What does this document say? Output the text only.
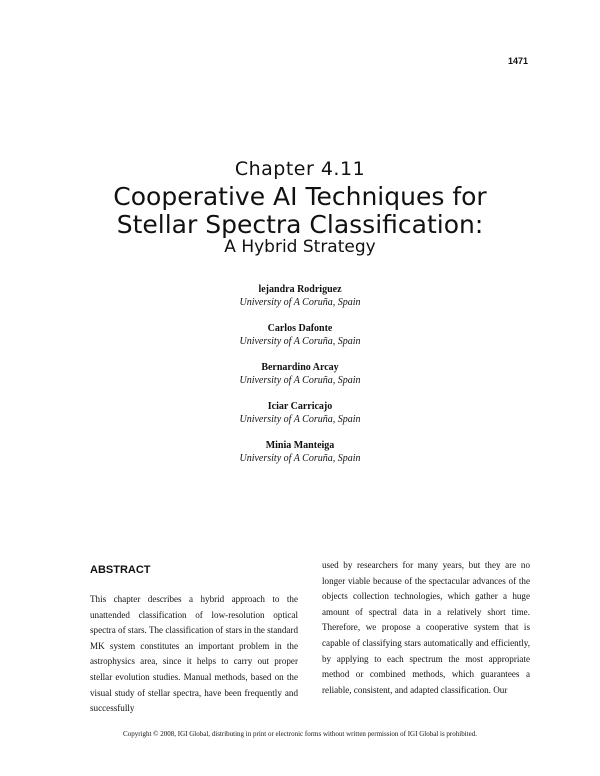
1471
Chapter 4.11
Cooperative AI Techniques for
Stellar Spectra Classification:
A Hybrid Strategy
lejandra Rodriguez
University of A Coruña, Spain
Carlos Dafonte
University of A Coruña, Spain
Bernardino Arcay
University of A Coruña, Spain
Iciar Carricajo
University of A Coruña, Spain
Minia Manteiga
University of A Coruña, Spain
ABSTRACT

This chapter describes a hybrid approach to the unattended classification of low-resolution optical spectra of stars. The classification of stars in the standard MK system constitutes an important problem in the astrophysics area, since it helps to carry out proper stellar evolution studies. Manual methods, based on the visual study of stellar spectra, have been frequently and successfully

used by researchers for many years, but they are no longer viable because of the spectacular advances of the objects collection technologies, which gather a huge amount of spectral data in a relatively short time. Therefore, we propose a cooperative system that is capable of classifying stars automatically and efficiently, by applying to each spectrum the most appropriate method or combined methods, which guarantees a reliable, consistent, and adapted classification. Our

Copyright © 2008, IGI Global, distributing in print or electronic forms without written permission of IGI Global is prohibited.
